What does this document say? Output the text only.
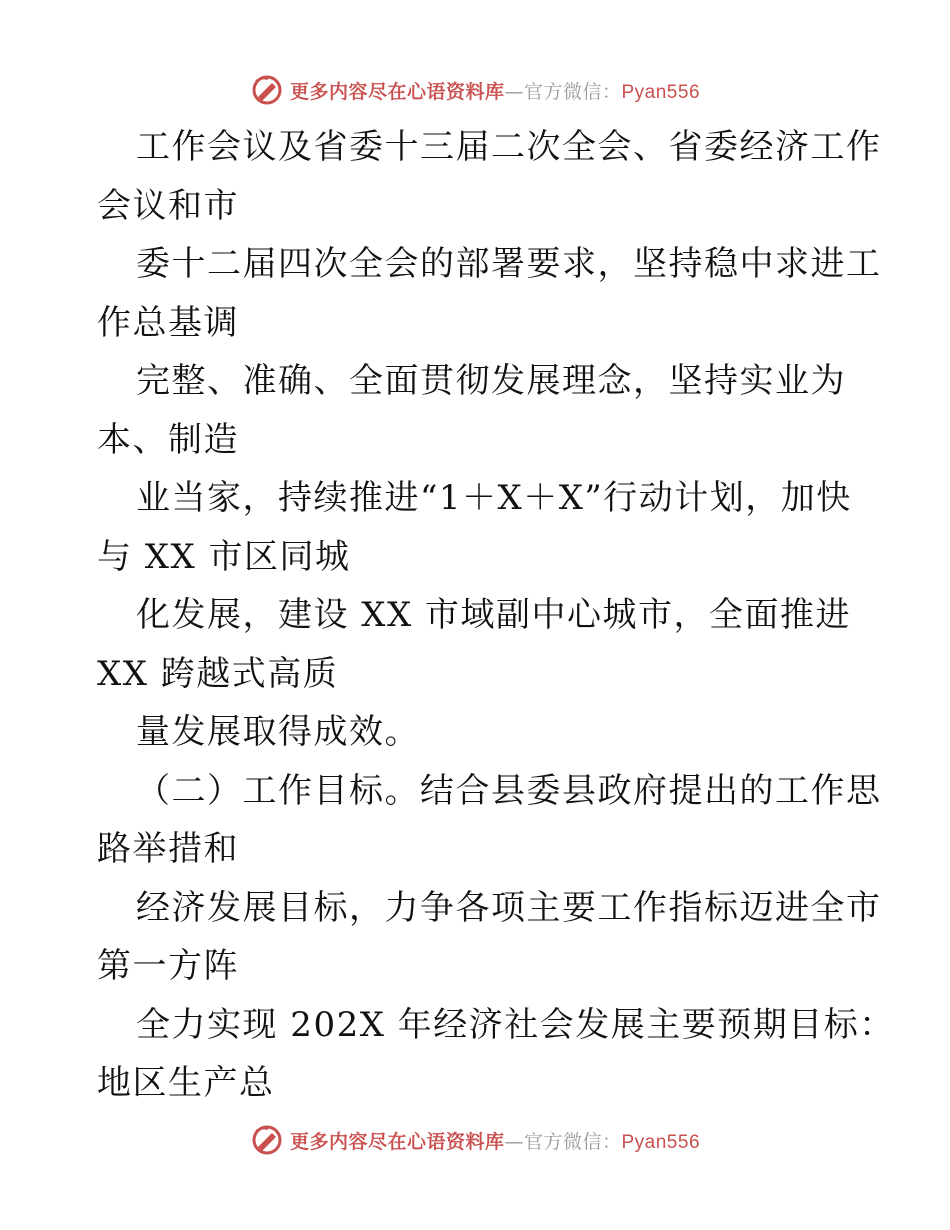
更多内容尽在心语资料库—官方微信：Pyan556
工作会议及省委十三届二次全会、省委经济工作
会议和市
委十二届四次全会的部署要求，坚持稳中求进工
作总基调
完整、准确、全面贯彻发展理念，坚持实业为
本、制造
业当家，持续推进“1＋X＋X”行动计划，加快
与 XX 市区同城
化发展，建设 XX 市域副中心城市，全面推进
XX 跨越式高质
量发展取得成效。
（二）工作目标。结合县委县政府提出的工作思
路举措和
经济发展目标，力争各项主要工作指标迈进全市
第一方阵
全力实现 202X 年经济社会发展主要预期目标：
地区生产总
更多内容尽在心语资料库—官方微信：Pyan556
